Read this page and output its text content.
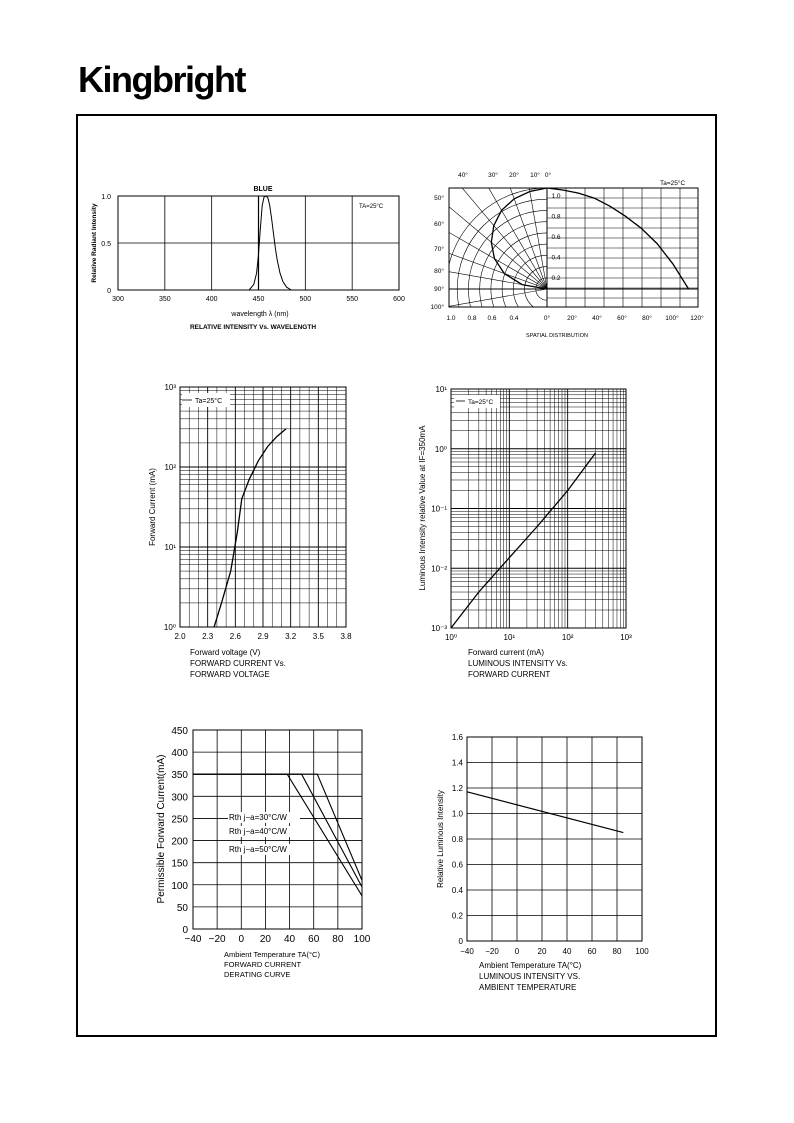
Kingbright
300	350	400	450	500	550	600
0
0.5
1.0
BLUE
TA=25°C
Relative Radiant Intensity
wavelength λ (nm)
RELATIVE INTENSITY Vs. WAVELENGTH
40°	30° 20° 10° 0°
50°
60°
70°
80°
90°
100°
1.0 0.8 0.6 0.4
1.0
0.8
0.6
0.4
0.2
0°	20° 40° 60° 80° 100° 120°
Ta=25°C
SPATIAL DISTRIBUTION
2.0 2.3 2.6 2.9 3.2 3.5 3.8
10⁰
10¹
10²
10³
Ta=25°C
Forward Current (mA)
Forward voltage (V)
FORWARD CURRENT Vs.
FORWARD VOLTAGE
10⁰	10¹	10²	10³
10⁻³
10⁻²
10⁻¹
10⁰
10¹
Ta=25°C
Luminous Intensity relative Value at IF=350mA
Forward current (mA)
LUMINOUS INTENSITY Vs.
FORWARD CURRENT
−40 −20 0 20 40 60 80 100
0
50
100
150
200
250
300
350
400
450
Permissible Forward Current(mA)
Ambient Temperature TA(°C)
FORWARD CURRENT
DERATING CURVE
Rth j−a=30°C/W
Rth j−a=40°C/W
Rth j−a=50°C/W
−40 −20 0 20 40 60 80 100
0
0.2
0.4
0.6
0.8
1.0
1.2
1.4
1.6
Relative Luminous Intensity
Ambient Temperature TA(°C)
LUMINOUS INTENSITY VS.
AMBIENT TEMPERATURE
